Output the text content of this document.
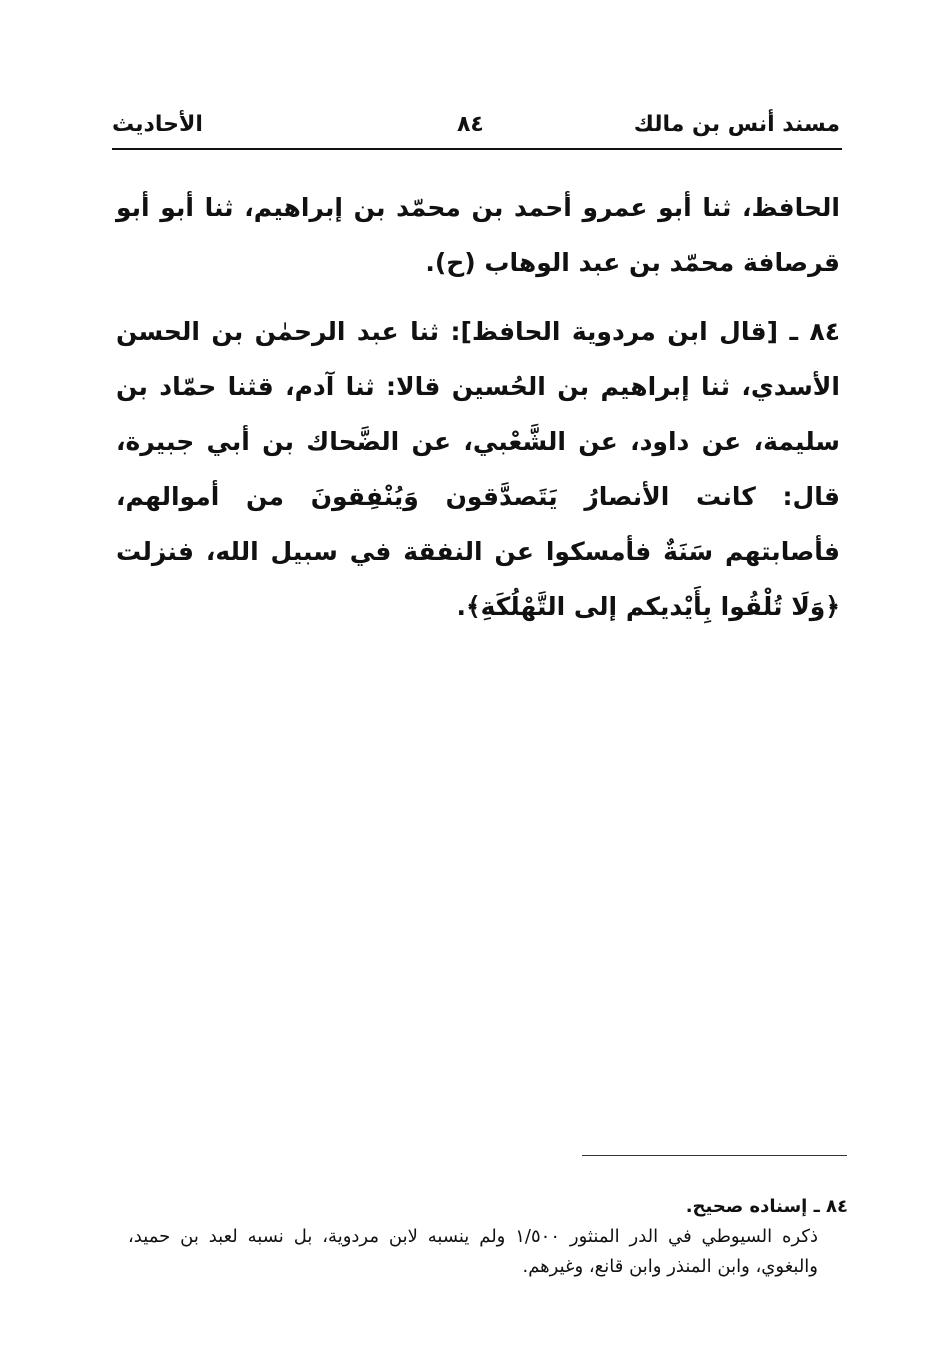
مسند أنس بن مالك
٨٤
الأحاديث

الحافظ، ثنا أبو عمرو أحمد بن محمّد بن إبراهيم، ثنا أبو أبو قرصافة محمّد بن عبد الوهاب (ح).

٨٤ ـ [قال ابن مردوية الحافظ]: ثنا عبد الرحمٰن بن الحسن الأسدي، ثنا إبراهيم بن الحُسين قالا: ثنا آدم، قثنا حمّاد بن سليمة، عن داود، عن الشَّعْبي، عن الضَّحاك بن أبي جبيرة، قال: كانت الأنصارُ يَتَصدَّقون وَيُنْفِقونَ من أموالهم، فأصابتهم سَنَةٌ فأمسكوا عن النفقة في سبيل الله، فنزلت ﴿وَلَا تُلْقُوا بِأَيْديكم إلى التَّهْلُكَةِ﴾.

٨٤ ـ إسناده صحيح.

ذكره السيوطي في الدر المنثور ١/٥٠٠ ولم ينسبه لابن مردوية، بل نسبه لعبد بن حميد، والبغوي، وابن المنذر وابن قانع، وغيرهم.
